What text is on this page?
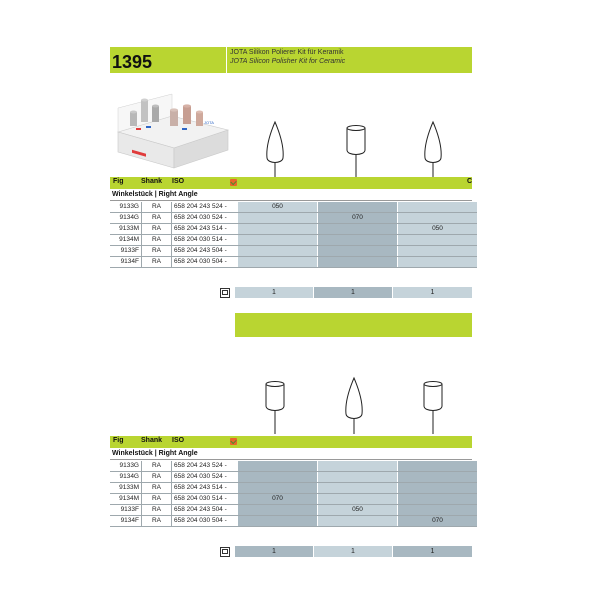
1395	JOTA Silikon Polierer Kit für Keramik
JOTA Silicon Polisher Kit for Ceramic
JOTA
Fig	Shank ISO	C
Winkelstück | Right Angle
9133G	RA	658 204 243 524 -	050		
9134G	RA	658 204 030 524 -		070	
9133M	RA	658 204 243 514 -			050
9134M	RA	658 204 030 514 -			
9133F	RA	658 204 243 504 -			
9134F	RA	658 204 030 504 -			
1	1	1
Fig	Shank ISO
Winkelstück | Right Angle
9133G	RA	658 204 243 524 -			
9134G	RA	658 204 030 524 -			
9133M	RA	658 204 243 514 -			
9134M	RA	658 204 030 514 -	070		
9133F	RA	658 204 243 504 -		050	
9134F	RA	658 204 030 504 -			070
1	1	1
